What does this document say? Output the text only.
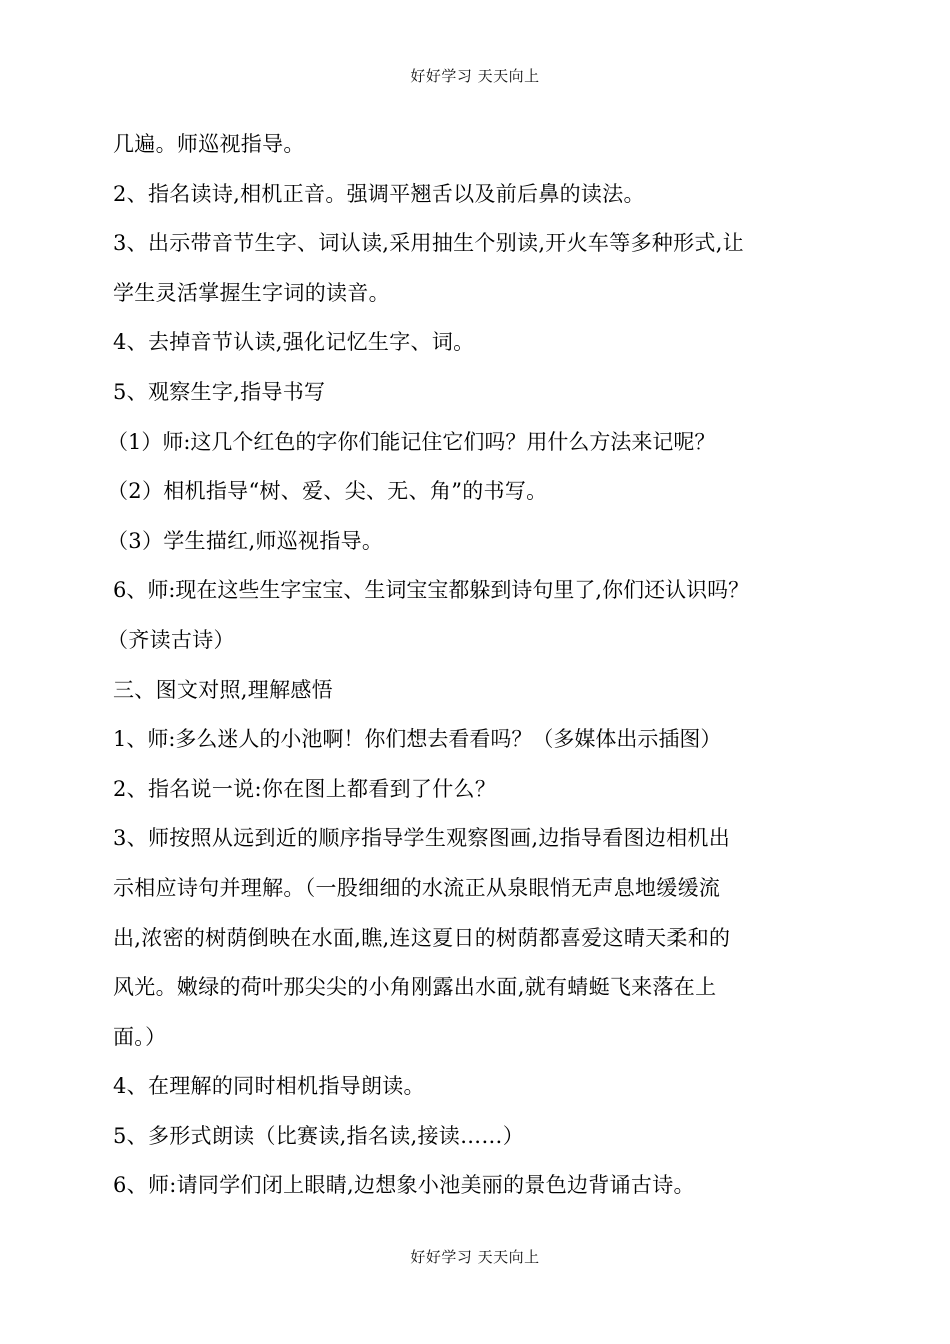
好好学习 天天向上
几遍。师巡视指导。
2、指名读诗,相机正音。强调平翘舌以及前后鼻的读法。
3、出示带音节生字、词认读,采用抽生个别读,开火车等多种形式,让
学生灵活掌握生字词的读音。
4、去掉音节认读,强化记忆生字、词。
5、观察生字,指导书写
（1）师:这几个红色的字你们能记住它们吗？用什么方法来记呢？
（2）相机指导“树、爱、尖、无、角”的书写。
（3）学生描红,师巡视指导。
6、师:现在这些生字宝宝、生词宝宝都躲到诗句里了,你们还认识吗？
（齐读古诗）
三、图文对照,理解感悟
1、师:多么迷人的小池啊！你们想去看看吗？（多媒体出示插图）
2、指名说一说:你在图上都看到了什么？
3、师按照从远到近的顺序指导学生观察图画,边指导看图边相机出
示相应诗句并理解。（一股细细的水流正从泉眼悄无声息地缓缓流
出,浓密的树荫倒映在水面,瞧,连这夏日的树荫都喜爱这晴天柔和的
风光。嫩绿的荷叶那尖尖的小角刚露出水面,就有蜻蜓飞来落在上
面。）
4、在理解的同时相机指导朗读。
5、多形式朗读（比赛读,指名读,接读……）
6、师:请同学们闭上眼睛,边想象小池美丽的景色边背诵古诗。
好好学习 天天向上
